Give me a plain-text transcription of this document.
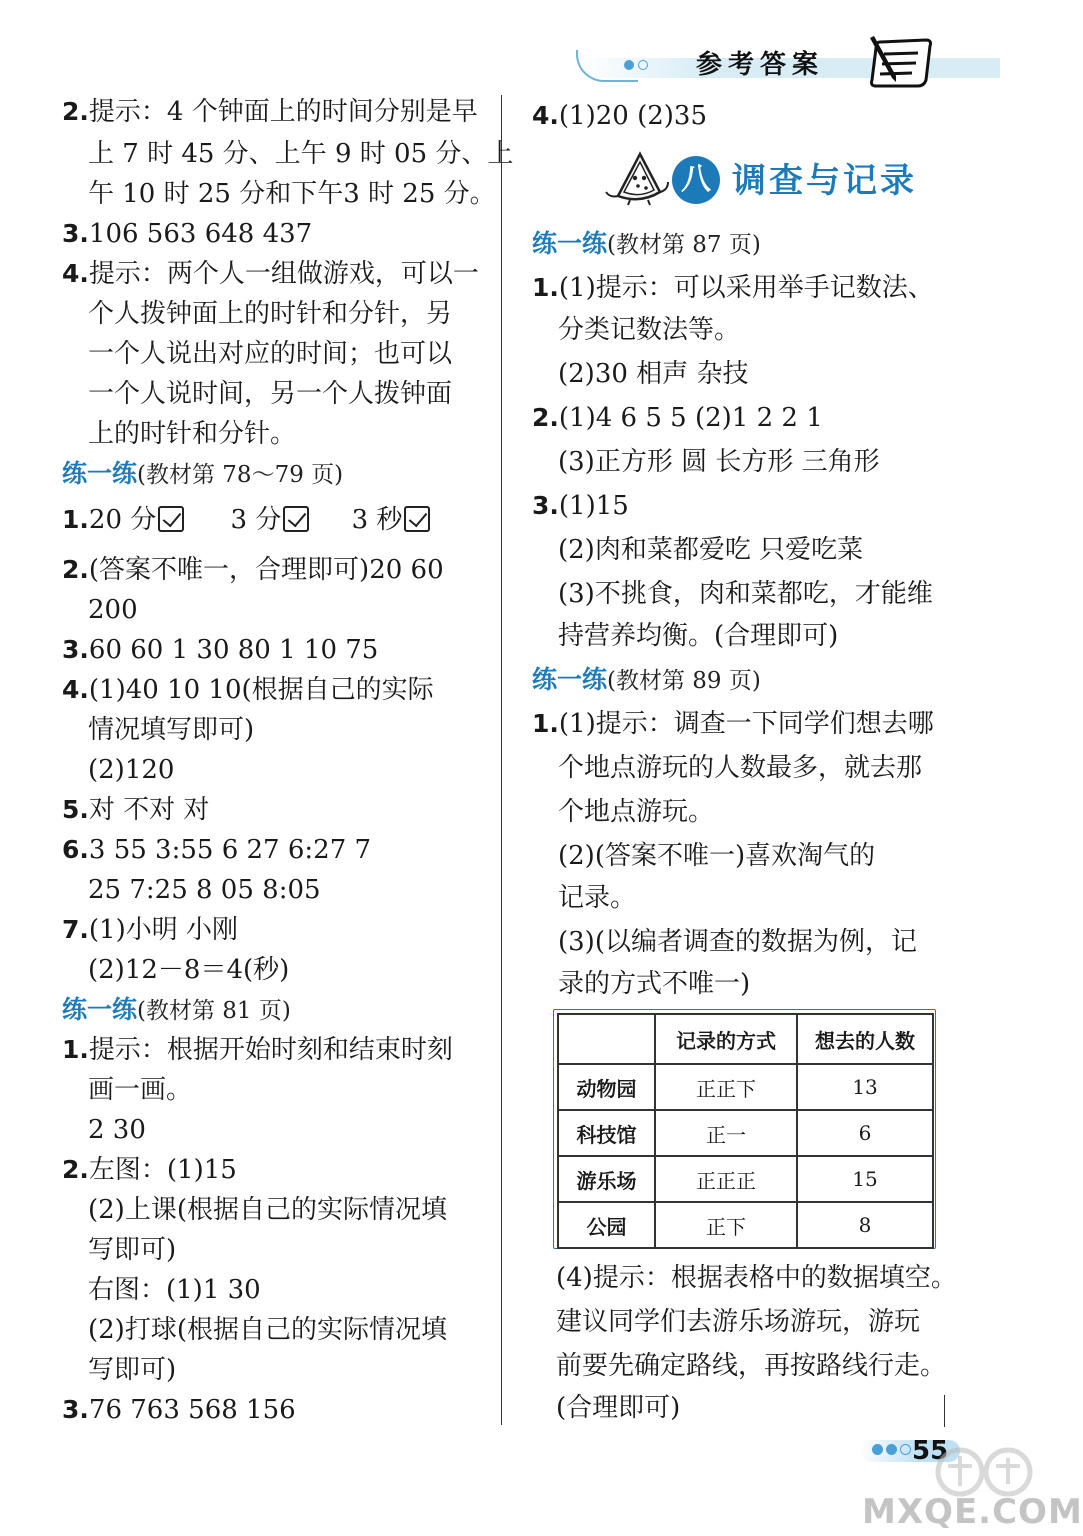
参考答案
2.提示：4 个钟面上的时间分别是早
上 7 时 45 分、上午 9 时 05 分、上
午 10 时 25 分和下午3 时 25 分。
3.106 563 648 437
4.提示：两个人一组做游戏，可以一
个人拨钟面上的时针和分针，另
一个人说出对应的时间；也可以
一个人说时间，另一个人拨钟面
上的时针和分针。
练一练(教材第 78～79 页)
1.20 分	3 分	3 秒
2.(答案不唯一，合理即可)20 60
200
3.60 60 1 30 80 1 10 75
4.(1)40 10 10(根据自己的实际
情况填写即可)
(2)120
5.对 不对 对
6.3 55 3:55 6 27 6:27 7
25 7:25 8 05 8:05
7.(1)小明 小刚
(2)12－8＝4(秒)
练一练(教材第 81 页)
1.提示：根据开始时刻和结束时刻
画一画。
2 30
2.左图：(1)15
(2)上课(根据自己的实际情况填
写即可)
右图：(1)1 30
(2)打球(根据自己的实际情况填
写即可)
3.76 763 568 156
4.(1)20 (2)35
八 调查与记录
练一练(教材第 87 页)
1.(1)提示：可以采用举手记数法、
分类记数法等。
(2)30 相声 杂技
2.(1)4 6 5 5 (2)1 2 2 1
(3)正方形 圆 长方形 三角形
3.(1)15
(2)肉和菜都爱吃 只爱吃菜
(3)不挑食，肉和菜都吃，才能维
持营养均衡。(合理即可)
练一练(教材第 89 页)
1.(1)提示：调查一下同学们想去哪
个地点游玩的人数最多，就去那
个地点游玩。
(2)(答案不唯一)喜欢淘气的
记录。
(3)(以编者调查的数据为例，记
录的方式不唯一)
	记录的方式	想去的人数
动物园	正正下	13
科技馆	正一	6
游乐场	正正正	15
公园	正下	8
(4)提示：根据表格中的数据填空。
建议同学们去游乐场游玩，游玩
前要先确定路线，再按路线行走。
(合理即可)
55
MXQE.COM
